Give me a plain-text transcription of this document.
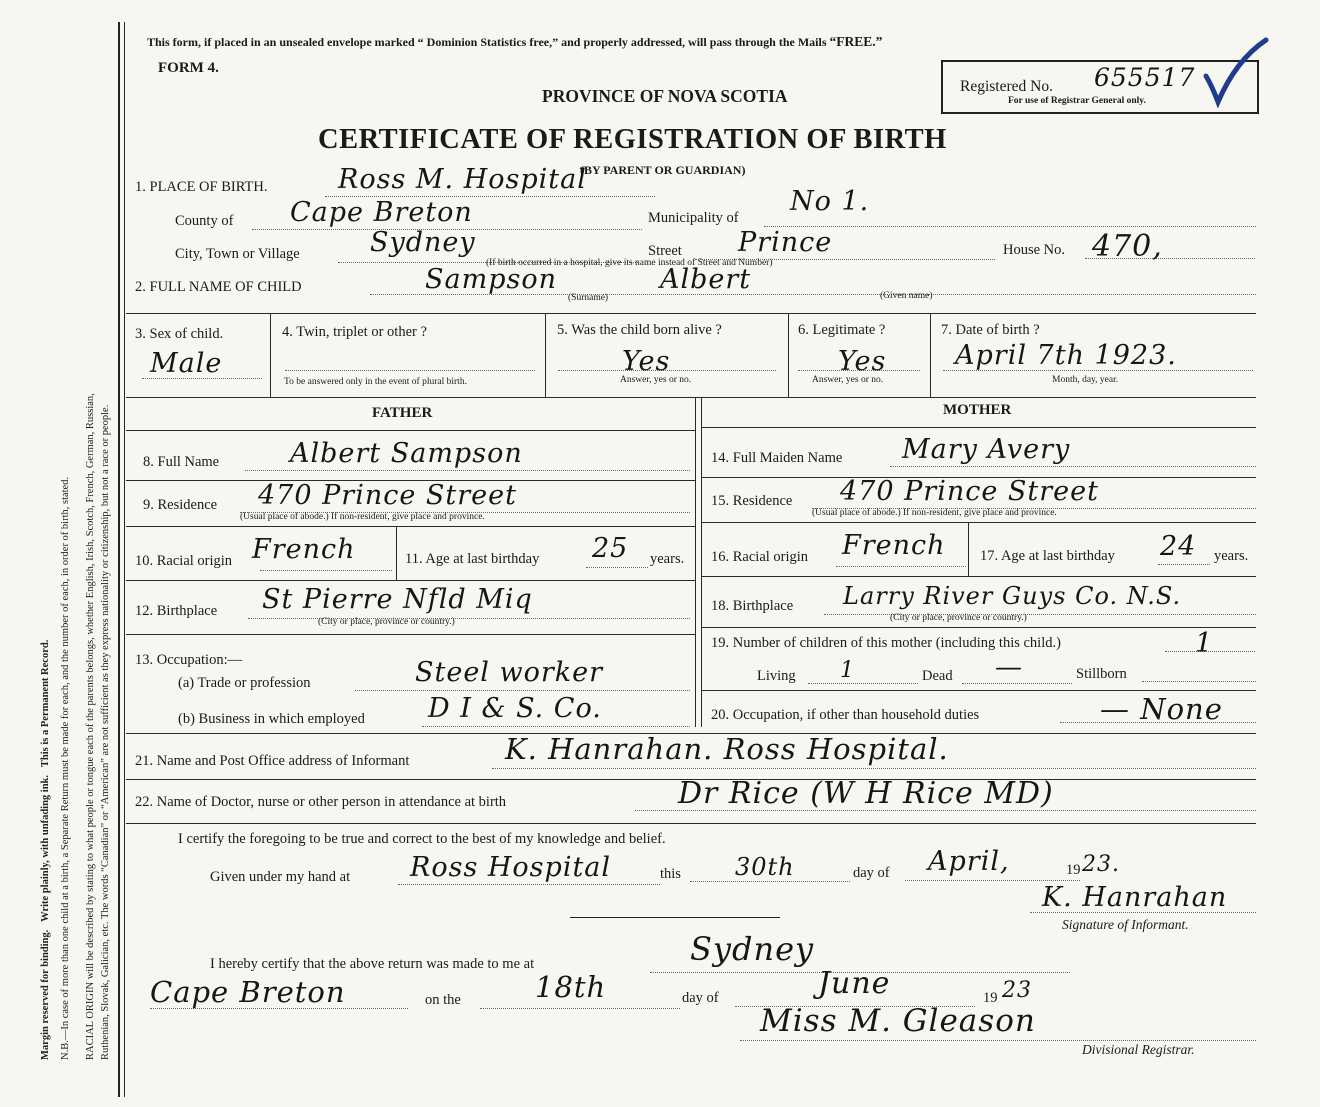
Margin reserved for binding.   Write plainly, with unfading ink.   This is a Permanent Record. N.B.—In case of more than one child at a birth, a Separate Return must be made for each, and the number of each, in order of birth, stated. RACIAL ORIGIN will be described by stating to what people or tongue each of the parents belongs, whether English, Irish, Scotch, French, German, Russian, Ruthenian, Slovak, Galician, etc. The words “Canadian” or “American” are not sufficient as they express nationality or citizenship, but not a race or people.
This form, if placed in an unsealed envelope marked “ Dominion Statistics free,” and properly addressed, will pass through the Mails “FREE.”
FORM 4.
PROVINCE OF NOVA SCOTIA
CERTIFICATE OF REGISTRATION OF BIRTH
(BY PARENT OR GUARDIAN)
Registered No. 655517
For use of Registrar General only.
1. PLACE OF BIRTH.	Ross M. Hospital
County of Cape Breton	Municipality of
No 1.
City, Town or Village	Sydney	Street Prince
(If birth occurred in a hospital, give its name instead of Street and Number)
House No. 470,
2. FULL NAME OF CHILD	Sampson	Albert
(Surname)	(Given name)
3. Sex of child.
Male
4. Twin, triplet or other ?
To be answered only in the event of plural birth.
5. Was the child born alive ?
Yes
Answer, yes or no.
6. Legitimate ?
Yes
Answer, yes or no.
7. Date of birth ?
April 7th 1923.
Month, day, year.
FATHER	MOTHER
8. Full Name	Albert Sampson
9. Residence 470 Prince Street
(Usual place of abode.) If non-resident, give place and province.
10. Racial origin French	11. Age at last birthday 25 years.
12. Birthplace St Pierre Nfld Miq
(City or place, province or country.)
13. Occupation:—
(a) Trade or profession	Steel worker
(b) Business in which employed D I & S. Co.
14. Full Maiden Name Mary Avery
15. Residence 470 Prince Street
(Usual place of abode.) If non-resident, give place and province.
16. Racial origin French 17. Age at last birthday 24 years.
18. Birthplace Larry River Guys Co. N.S.
(City or place, province or country.)
19. Number of children of this mother (including this child.)	1
Living 1	Dead —	Stillborn
20. Occupation, if other than household duties	— None
21. Name and Post Office address of Informant	K. Hanrahan. Ross Hospital.
22. Name of Doctor, nurse or other person in attendance at birth	Dr Rice (W H Rice MD)
I certify the foregoing to be true and correct to the best of my knowledge and belief.
Given under my hand at Ross Hospital	this 30th	day of April,	19 23.
K. Hanrahan
Signature of Informant.
I hereby certify that the above return was made to me at	Sydney
Cape Breton	on the	18th	day of	June	19 23
Miss M. Gleason
Divisional Registrar.
